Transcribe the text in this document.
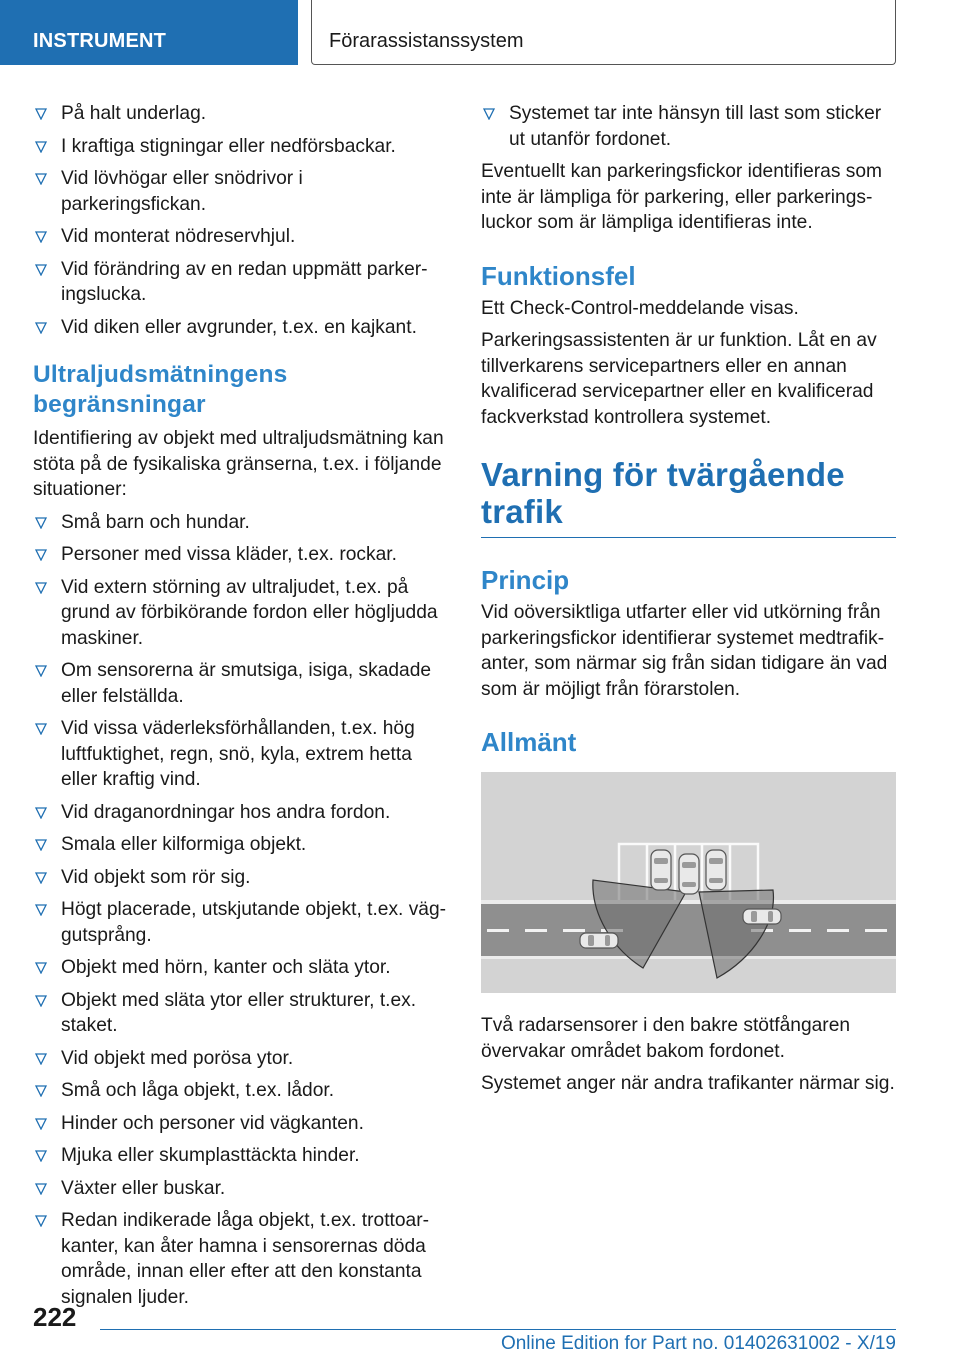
INSTRUMENT	Förarassistanssystem
På halt underlag.
I kraftiga stigningar eller nedförsbackar.
Vid lövhögar eller snödrivor i parkeringsfickan.
Vid monterat nödreservhjul.
Vid förändring av en redan uppmätt parkeringslucka.
Vid diken eller avgrunder, t.ex. en kajkant.
Ultraljudsmätningens begränsningar

Identifiering av objekt med ultraljudsmätning kan stöta på de fysikaliska gränserna, t.ex. i följande situationer:

Små barn och hundar.
Personer med vissa kläder, t.ex. rockar.
Vid extern störning av ultraljudet, t.ex. på grund av förbikörande fordon eller högljudda maskiner.
Om sensorerna är smutsiga, isiga, skadade eller felställda.
Vid vissa väderleksförhållanden, t.ex. hög luftfuktighet, regn, snö, kyla, extrem hetta eller kraftig vind.
Vid draganordningar hos andra fordon.
Smala eller kilformiga objekt.
Vid objekt som rör sig.
Högt placerade, utskjutande objekt, t.ex. väggutsprång.
Objekt med hörn, kanter och släta ytor.
Objekt med släta ytor eller strukturer, t.ex. staket.
Vid objekt med porösa ytor.
Små och låga objekt, t.ex. lådor.
Hinder och personer vid vägkanten.
Mjuka eller skumplasttäckta hinder.
Växter eller buskar.
Redan indikerade låga objekt, t.ex. trottoarkanter, kan åter hamna i sensorernas döda område, innan eller efter att den konstanta signalen ljuder.
Systemet tar inte hänsyn till last som sticker ut utanför fordonet.

Eventuellt kan parkeringsfickor identifieras som inte är lämpliga för parkering, eller parkeringsluckor som är lämpliga identifieras inte.

Funktionsfel

Ett Check-Control-meddelande visas.

Parkeringsassistenten är ur funktion. Låt en av tillverkarens servicepartners eller en annan kvalificerad servicepartner eller en kvalificerad fackverkstad kontrollera systemet.

Varning för tvärgående trafik
Princip

Vid oöversiktliga utfarter eller vid utkörning från parkeringsfickor identifierar systemet medtrafikanter, som närmar sig från sidan tidigare än vad som är möjligt från förarstolen.

Allmänt

Två radarsensorer i den bakre stötfångaren övervakar området bakom fordonet.

Systemet anger när andra trafikanter närmar sig.

222
Online Edition for Part no. 01402631002 - X/19
